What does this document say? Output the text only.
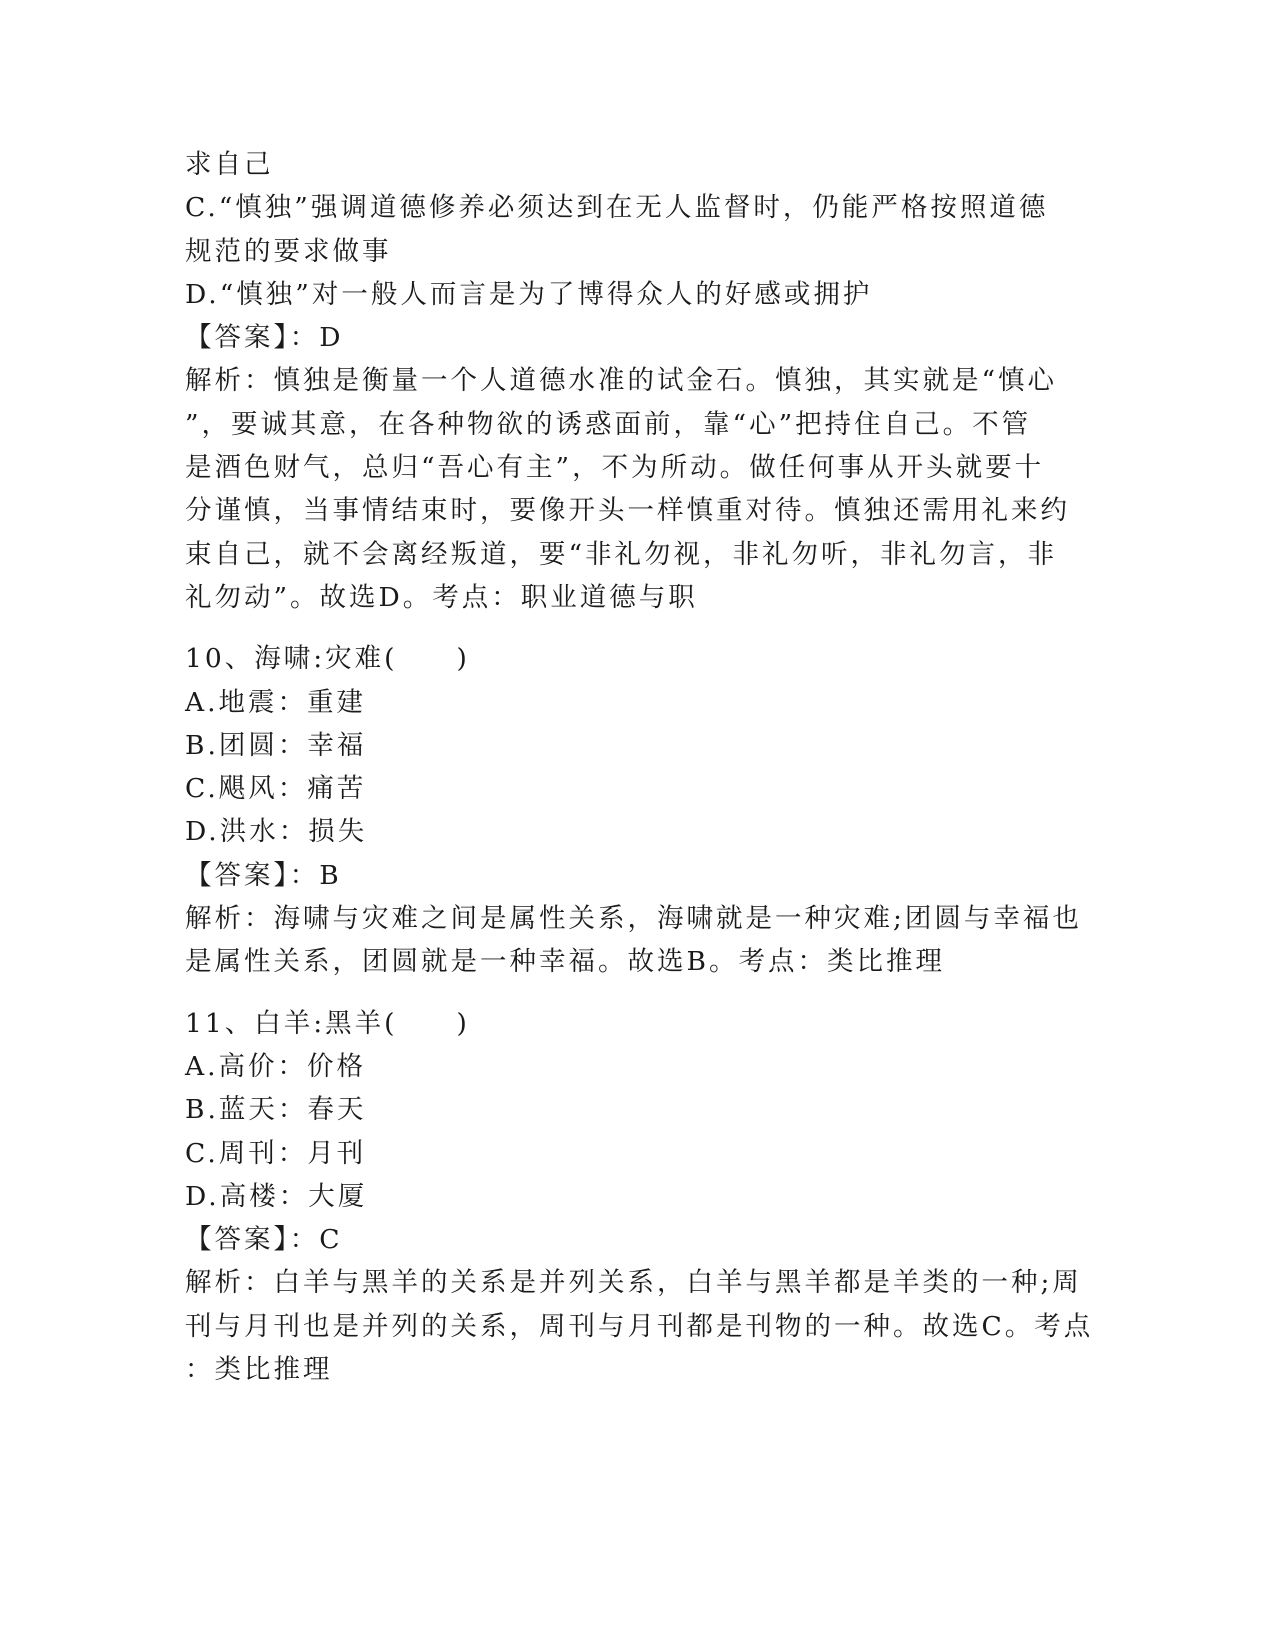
求自己
C.“慎独”强调道德修养必须达到在无人监督时，仍能严格按照道德
规范的要求做事
D.“慎独”对一般人而言是为了博得众人的好感或拥护
【答案】：D
解析：慎独是衡量一个人道德水准的试金石。慎独，其实就是“慎心
”，要诚其意，在各种物欲的诱惑面前，靠“心”把持住自己。不管
是酒色财气，总归“吾心有主”，不为所动。做任何事从开头就要十
分谨慎，当事情结束时，要像开头一样慎重对待。慎独还需用礼来约
束自己，就不会离经叛道，要“非礼勿视，非礼勿听，非礼勿言，非
礼勿动”。故选D。考点：职业道德与职
10、海啸:灾难(　　)
A.地震：重建
B.团圆：幸福
C.飓风：痛苦
D.洪水：损失
【答案】：B
解析：海啸与灾难之间是属性关系，海啸就是一种灾难;团圆与幸福也
是属性关系，团圆就是一种幸福。故选B。考点：类比推理
11、白羊:黑羊(　　)
A.高价：价格
B.蓝天：春天
C.周刊：月刊
D.高楼：大厦
【答案】：C
解析：白羊与黑羊的关系是并列关系，白羊与黑羊都是羊类的一种;周
刊与月刊也是并列的关系，周刊与月刊都是刊物的一种。故选C。考点
：类比推理
